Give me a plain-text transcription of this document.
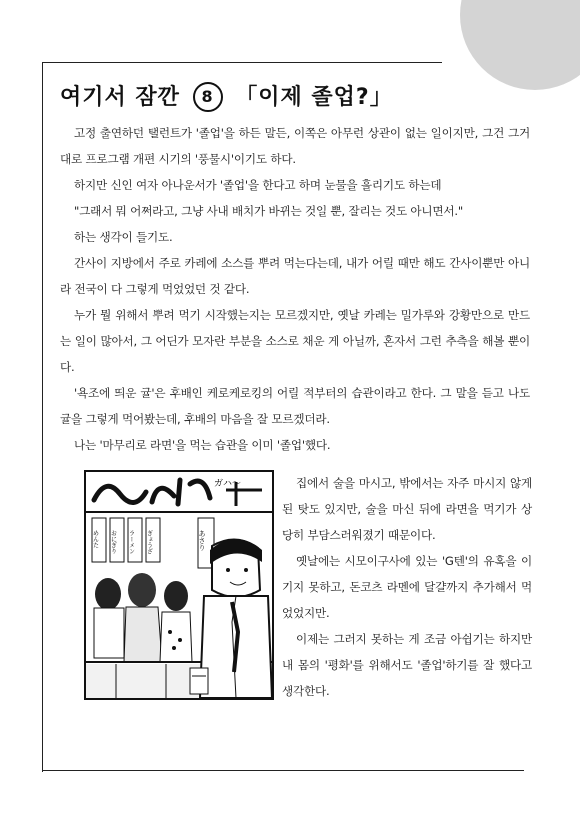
여기서 잠깐 8 「이제 졸업?」

고정 출연하던 탤런트가 '졸업'을 하든 말든, 이쪽은 아무런 상관이 없는 일이지만, 그건 그거대로 프로그램 개편 시기의 '풍물시'이기도 하다.

하지만 신인 여자 아나운서가 '졸업'을 한다고 하며 눈물을 흘리기도 하는데

"그래서 뭐 어쩌라고, 그냥 사내 배치가 바뀌는 것일 뿐, 잘리는 것도 아니면서."

하는 생각이 들기도.

간사이 지방에서 주로 카레에 소스를 뿌려 먹는다는데, 내가 어릴 때만 해도 간사이뿐만 아니라 전국이 다 그렇게 먹었었던 것 같다.

누가 뭘 위해서 뿌려 먹기 시작했는지는 모르겠지만, 옛날 카레는 밀가루와 강황만으로 만드는 일이 많아서, 그 어딘가 모자란 부분을 소스로 채운 게 아닐까, 혼자서 그런 추측을 해볼 뿐이다.

'욕조에 띄운 귤'은 후배인 케로케로킹의 어릴 적부터의 습관이라고 한다. 그 말을 듣고 나도 귤을 그렇게 먹어봤는데, 후배의 마음을 잘 모르겠더라.

나는 '마무리로 라면'을 먹는 습관을 이미 '졸업'했다.

ガハ〜
めんた おにぎり ラーメン ぎょうざ	あさり

집에서 술을 마시고, 밖에서는 자주 마시지 않게 된 탓도 있지만, 술을 마신 뒤에 라면을 먹기가 상당히 부담스러워졌기 때문이다.

옛날에는 시모이구사에 있는 'G텐'의 유혹을 이기지 못하고, 돈코츠 라멘에 달걀까지 추가해서 먹었었지만.

이제는 그러지 못하는 게 조금 아쉽기는 하지만 내 몸의 '평화'를 위해서도 '졸업'하기를 잘 했다고 생각한다.
